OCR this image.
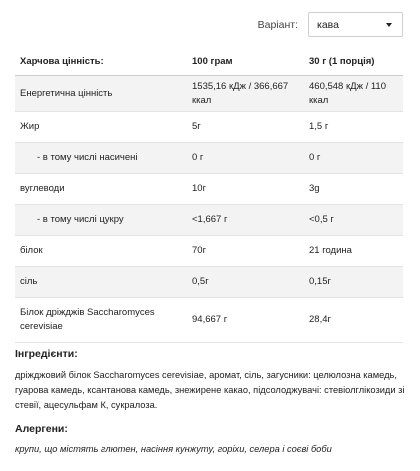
Варіант: кава
Харчова цінність:	100 грам	30 г (1 порція)
Енергетична цінність	1535,16 кДж / 366,667 ккал	460,548 кДж / 110 ккал
Жир	5г	1,5 г
- в тому числі насичені	0 г	0 г
вуглеводи	10г	3g
- в тому числі цукру	<1,667 г	<0,5 г
білок	70г	21 година
сіль	0,5г	0,15г
Білок дріжджів Saccharomyces cerevisiae	94,667 г	28,4г
Інгредієнти:
дріжджовий білок Saccharomyces cerevisiae, аромат, сіль, загусники: целюлозна камедь, гуарова камедь, ксантанова камедь, знежирене какао, підсолоджувачі: стевіолглікозиди зі стевії, ацесульфам К, сукралоза.
Алергени:
крупи, що містять глютен, насіння кунжуту, горіхи, селера і соєві боби
